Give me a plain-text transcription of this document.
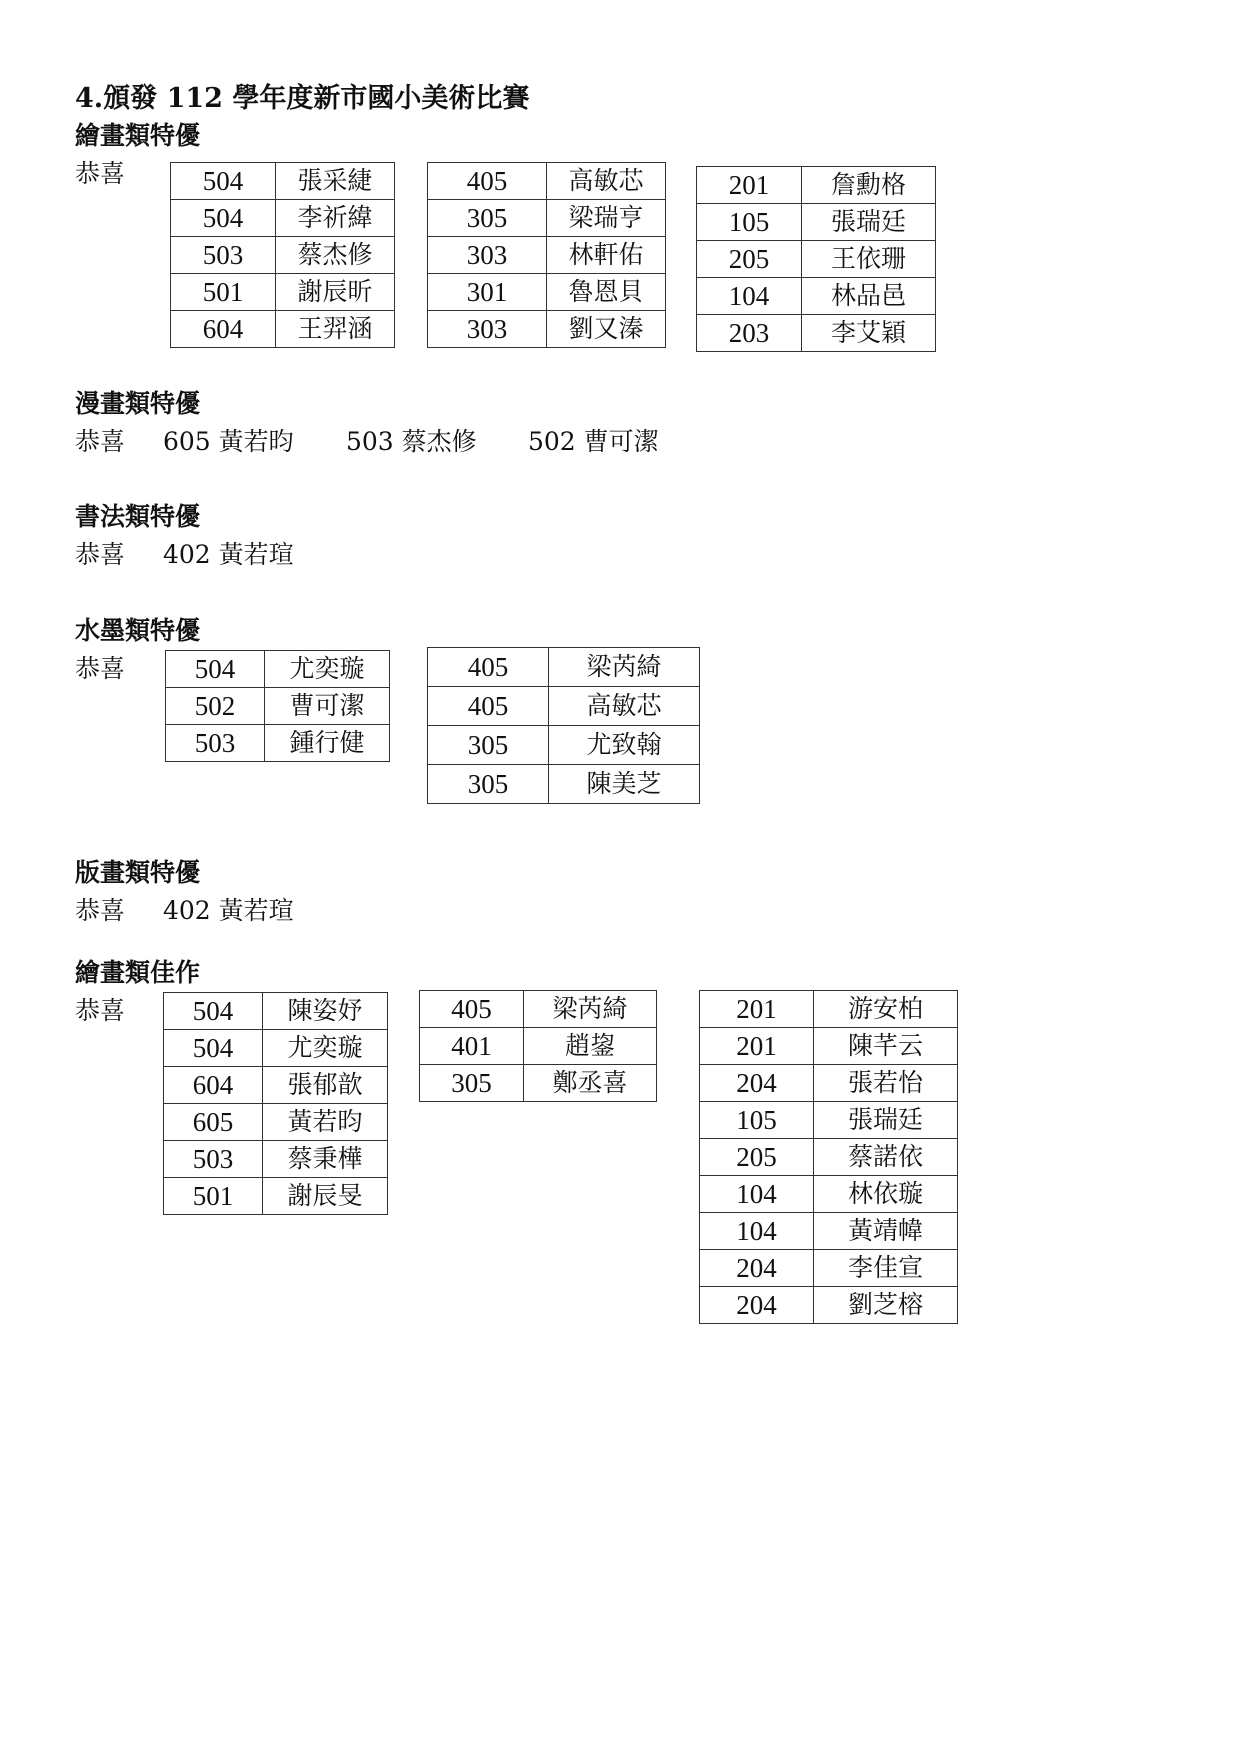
4.頒發 112 學年度新市國小美術比賽
繪畫類特優
恭喜	504	張采緁
504	李祈緯
503	蔡杰修
501	謝辰昕
604	王羿涵
405	高敏芯
305	梁瑞亨
303	林軒佑
301	魯恩貝
303	劉又溱
201	詹勳格
105	張瑞廷
205	王依珊
104	林品邑
203	李艾穎
漫畫類特優
恭喜 605 黃若昀 503 蔡杰修 502 曹可潔
書法類特優
恭喜 402 黃若瑄
水墨類特優
恭喜	504	尤奕璇
502	曹可潔
503	鍾行健
405	梁芮綺
405	高敏芯
305	尤致翰
305	陳美芝
版畫類特優
恭喜 402 黃若瑄
繪畫類佳作
恭喜	504	陳姿妤
504	尤奕璇
604	張郁歆
605	黃若昀
503	蔡秉樺
501	謝辰旻
405	梁芮綺
401	趙鋆
305	鄭丞喜
201	游安柏
201	陳芊云
204	張若怡
105	張瑞廷
205	蔡諾依
104	林依璇
104	黃靖幃
204	李佳宣
204	劉芝榕
